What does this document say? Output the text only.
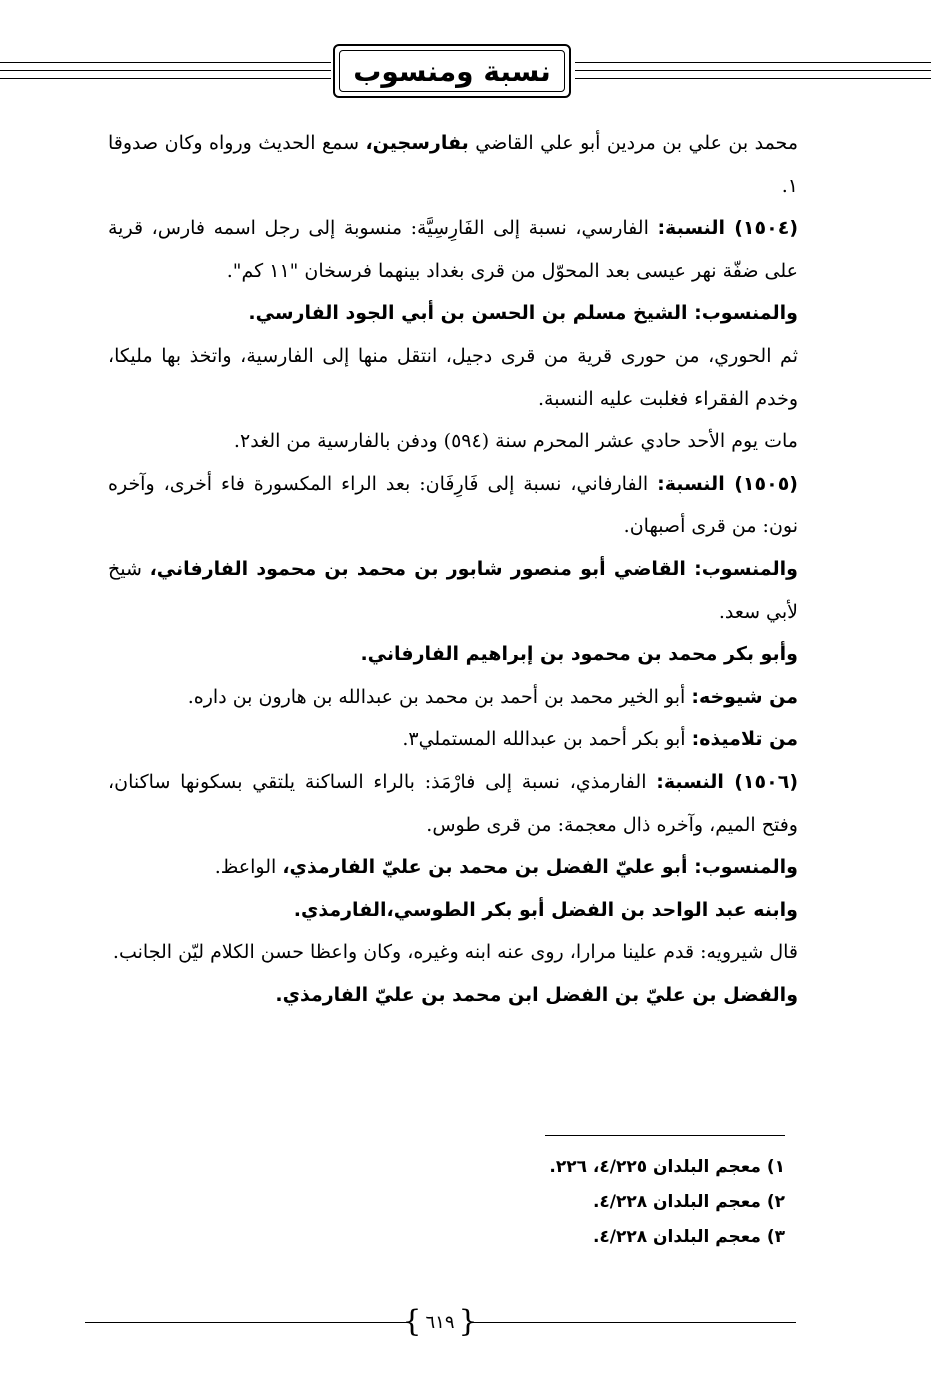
نسبة ومنسوب

محمد بن علي بن مردين أبو علي القاضي بفارسجين، سمع الحديث ورواه وكان صدوقا ١.

(١٥٠٤) النسبة: الفارسي، نسبة إلى الفَارِسِيَّة: منسوبة إلى رجل اسمه فارس، قرية على ضفّة نهر عيسى بعد المحوّل من قرى بغداد بينهما فرسخان "١١ كم".

والمنسوب: الشيخ مسلم بن الحسن بن أبي الجود الفارسي.

ثم الحوري، من حورى قرية من قرى دجيل، انتقل منها إلى الفارسية، واتخذ بها مليكا، وخدم الفقراء فغلبت عليه النسبة.

مات يوم الأحد حادي عشر المحرم سنة (٥٩٤) ودفن بالفارسية من الغد٢.

(١٥٠٥) النسبة: الفارفاني، نسبة إلى فَارِفَان: بعد الراء المكسورة فاء أخرى، وآخره نون: من قرى أصبهان.

والمنسوب: القاضي أبو منصور شابور بن محمد بن محمود الفارفاني، شيخ لأبي سعد.

وأبو بكر محمد بن محمود بن إبراهيم الفارفاني.

من شيوخه: أبو الخير محمد بن أحمد بن محمد بن عبدالله بن هارون بن داره.

من تلاميذه: أبو بكر أحمد بن عبدالله المستملي٣.

(١٥٠٦) النسبة: الفارمذي، نسبة إلى فارْمَذ: بالراء الساكنة يلتقي بسكونها ساكنان، وفتح الميم، وآخره ذال معجمة: من قرى طوس.

والمنسوب: أبو عليّ الفضل بن محمد بن عليّ الفارمذي، الواعظ.

وابنه عبد الواحد بن الفضل أبو بكر الطوسي،الفارمذي.

قال شيرويه: قدم علينا مرارا، روى عنه ابنه وغيره، وكان واعظا حسن الكلام ليّن الجانب.

والفضل بن عليّ بن الفضل ابن محمد بن عليّ الفارمذي.

١) معجم البلدان ٤/٢٢٥، ٢٢٦.
٢) معجم البلدان ٤/٢٢٨.
٣) معجم البلدان ٤/٢٢٨.
{ ٦١٩ }
